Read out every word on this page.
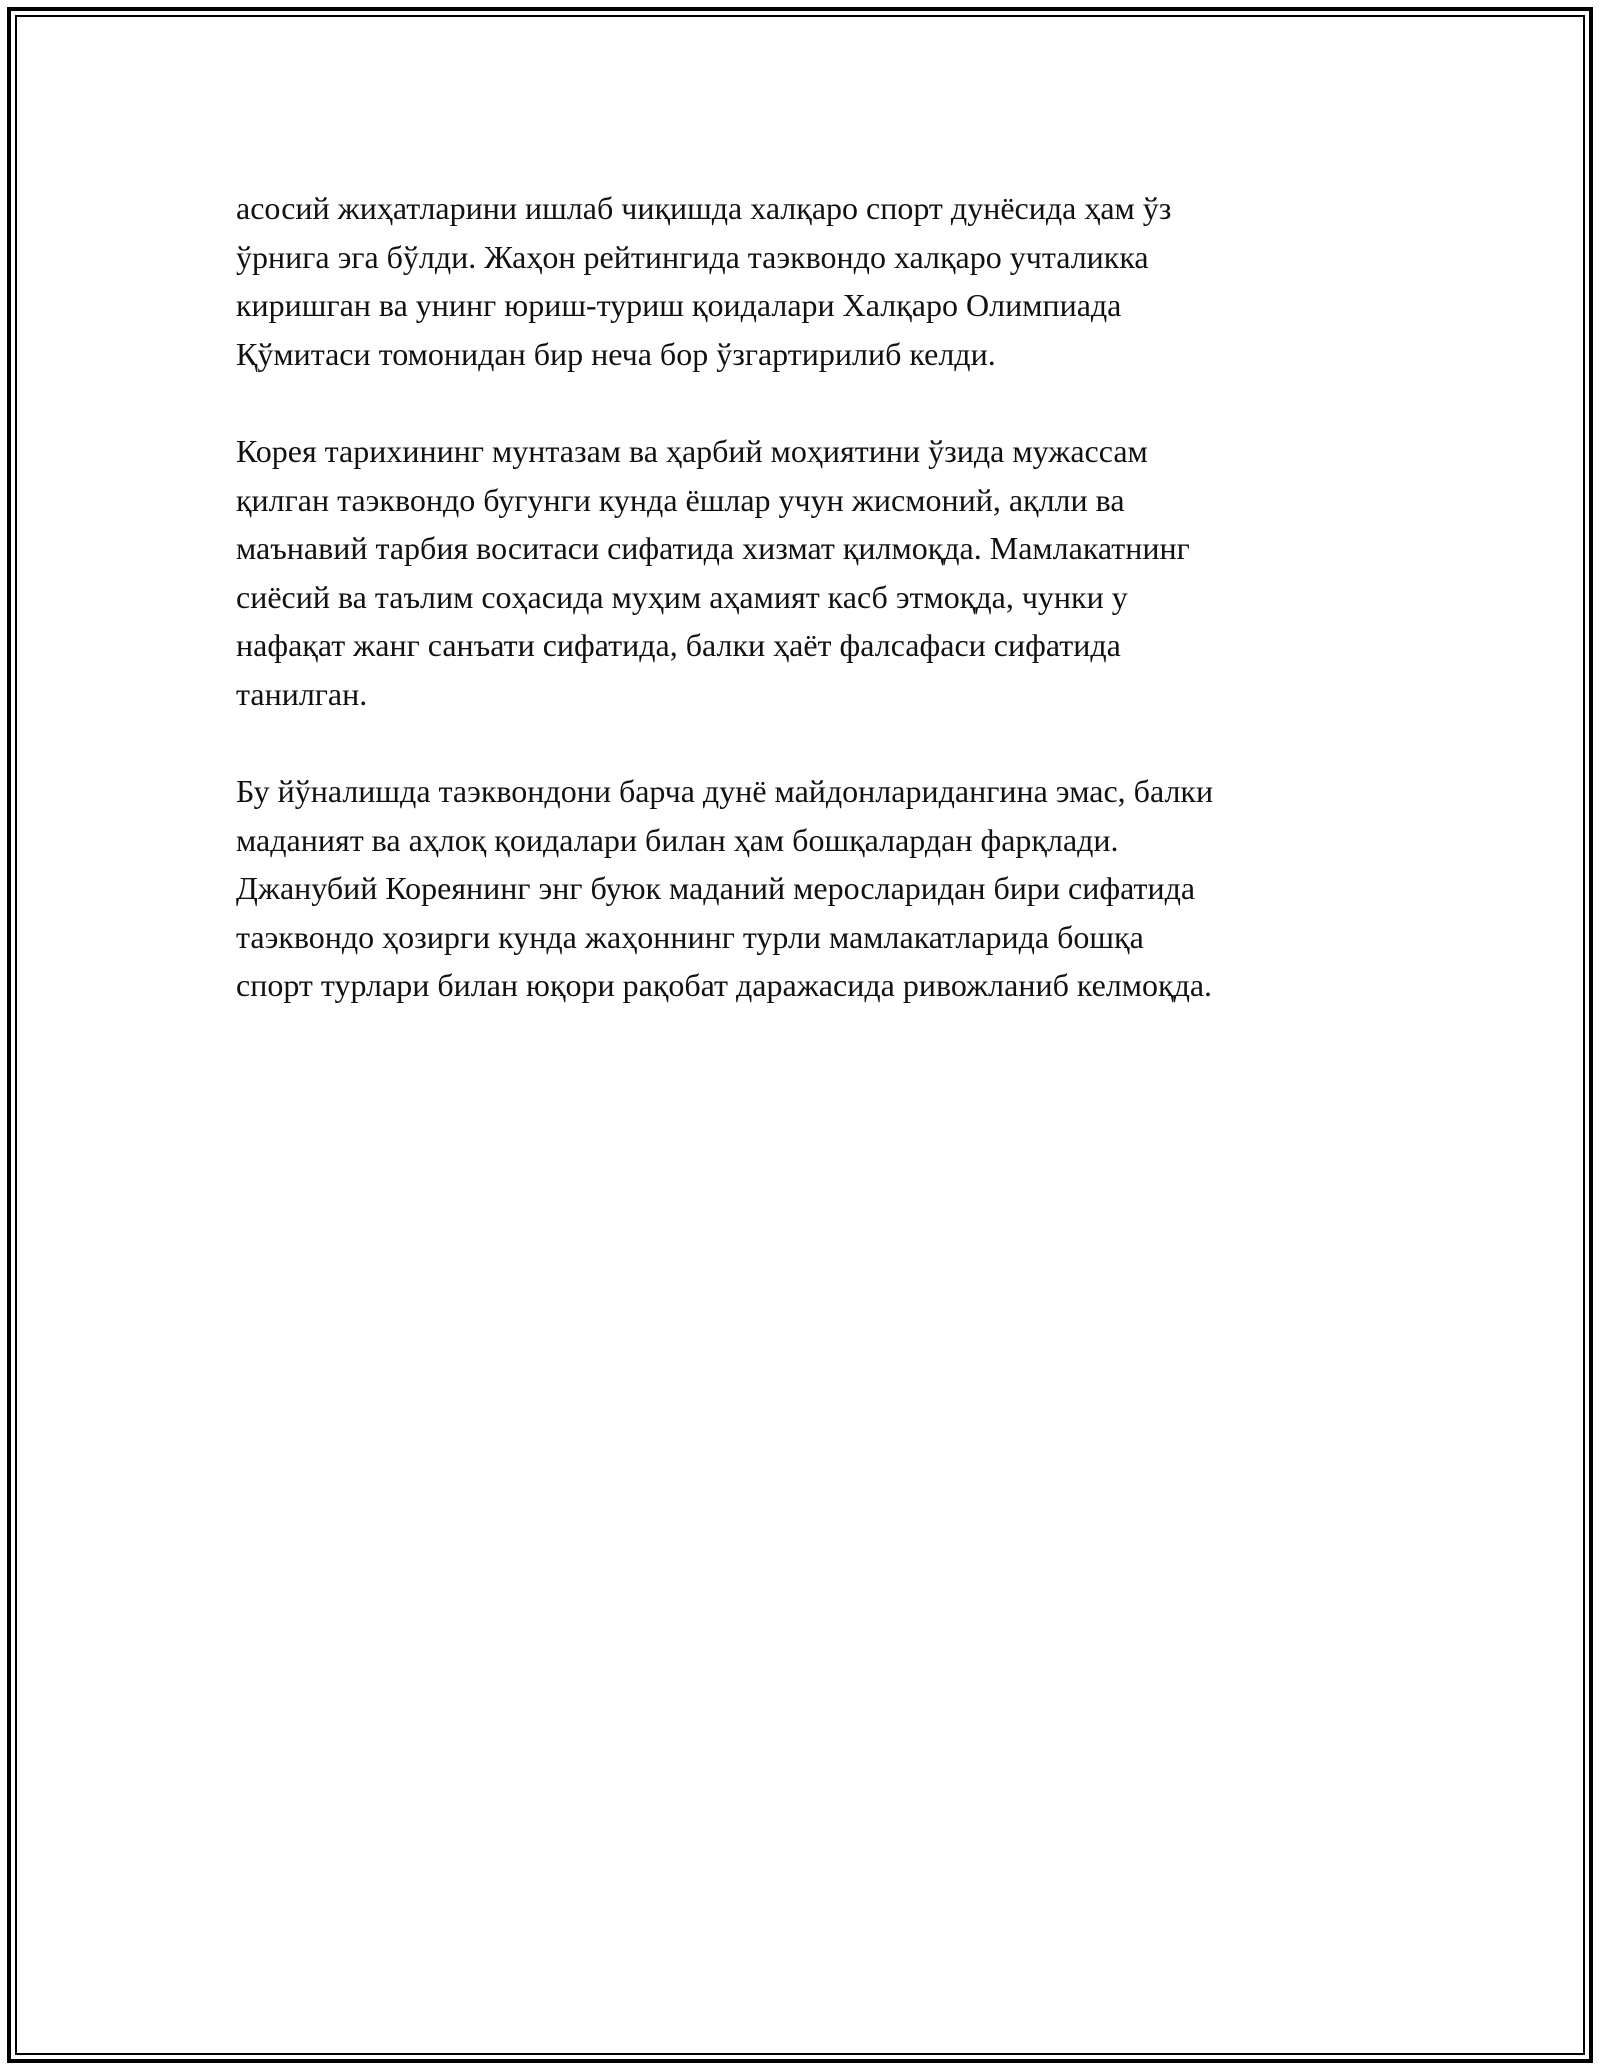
асосий жиҳатларини ишлаб чиқишда халқаро спорт дунёсида ҳам ўз
ўрнига эга бўлди. Жаҳон рейтингида таэквондо халқаро учталикка
киришган ва унинг юриш-туриш қоидалари Халқаро Олимпиада
Қўмитаси томонидан бир неча бор ўзгартирилиб келди.

Корея тарихининг мунтазам ва ҳарбий моҳиятини ўзида мужассам
қилган таэквондо бугунги кунда ёшлар учун жисмоний, ақлли ва
маънавий тарбия воситаси сифатида хизмат қилмоқда. Мамлакатнинг
сиёсий ва таълим соҳасида муҳим аҳамият касб этмоқда, чунки у
нафақат жанг санъати сифатида, балки ҳаёт фалсафаси сифатида
танилган.

Бу йўналишда таэквондони барча дунё майдонларидангина эмас, балки
маданият ва аҳлоқ қоидалари билан ҳам бошқалардан фарқлади.
Джанубий Кореянинг энг буюк маданий меросларидан бири сифатида
таэквондо ҳозирги кунда жаҳоннинг турли мамлакатларида бошқа
спорт турлари билан юқори рақобат даражасида ривожланиб келмоқда.
